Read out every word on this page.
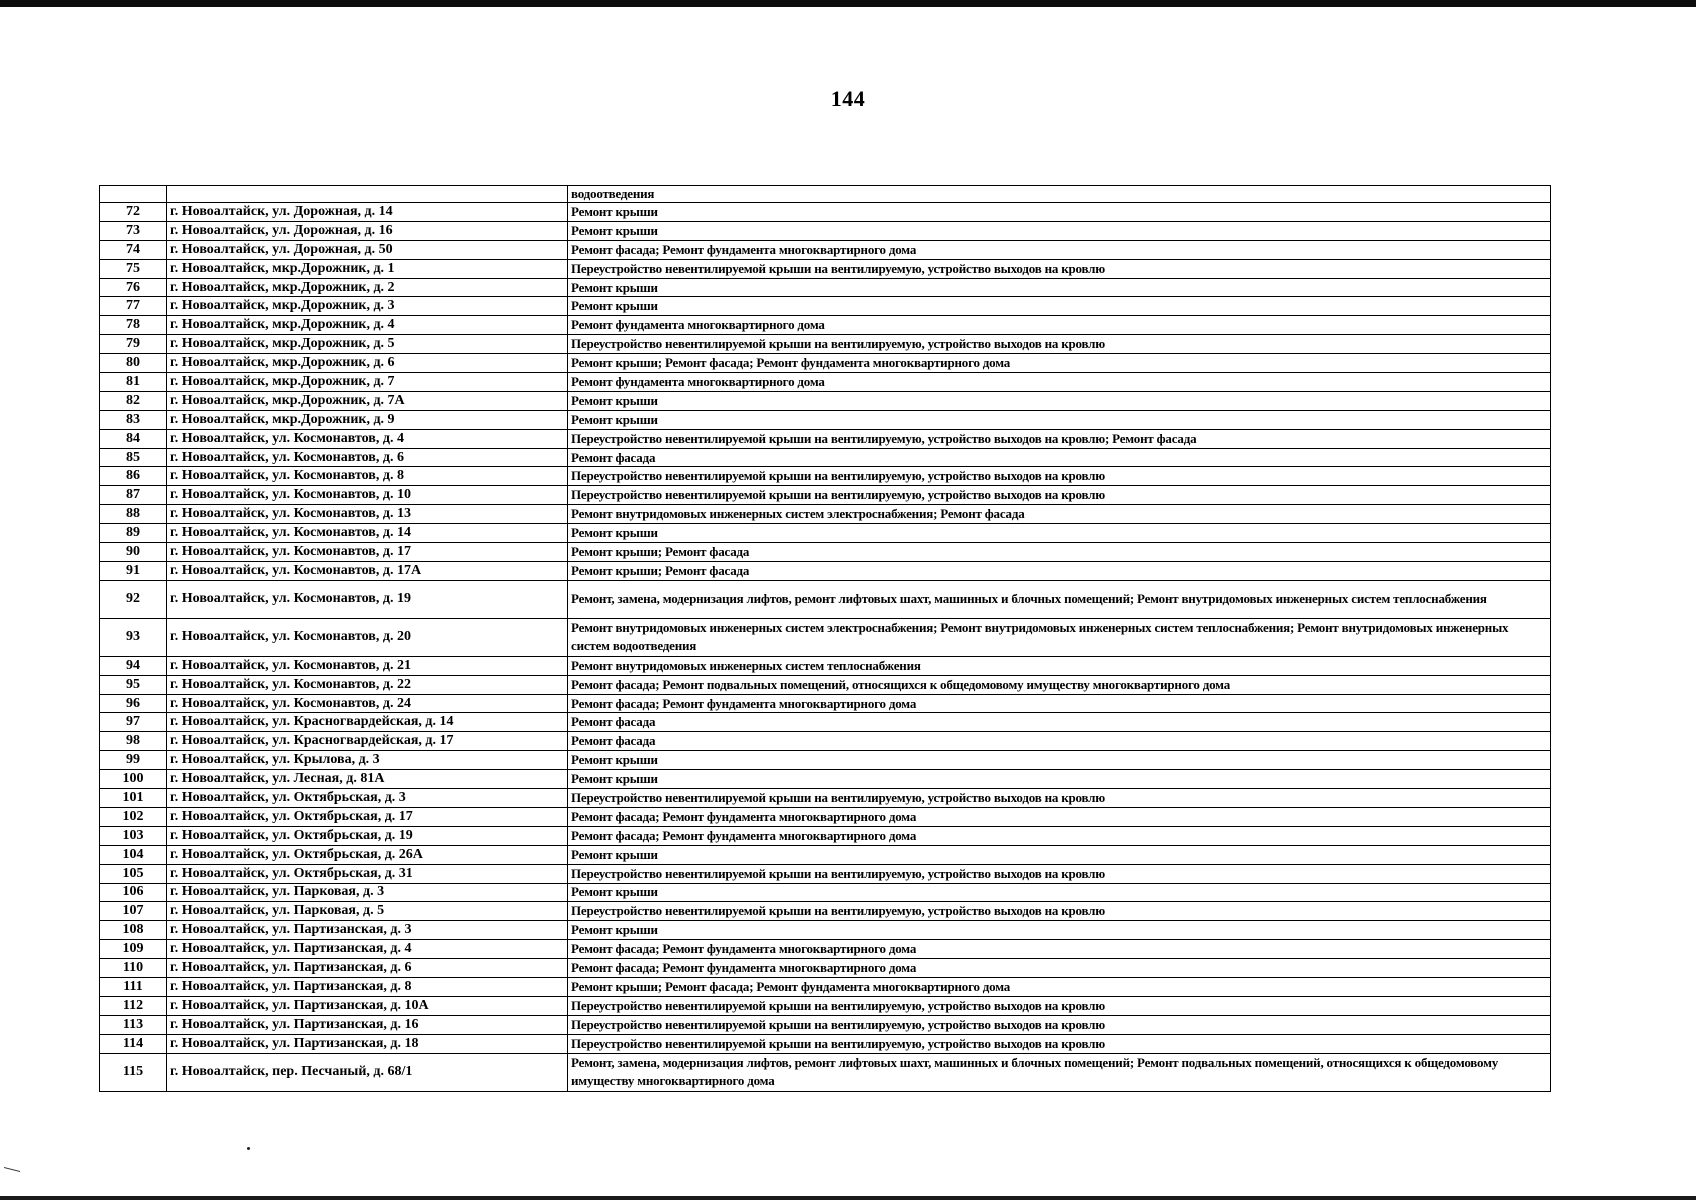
144
		водоотведения
72	г. Новоалтайск, ул. Дорожная, д. 14	Ремонт крыши
73	г. Новоалтайск, ул. Дорожная, д. 16	Ремонт крыши
74	г. Новоалтайск, ул. Дорожная, д. 50	Ремонт фасада; Ремонт фундамента многоквартирного дома
75	г. Новоалтайск, мкр.Дорожник, д. 1	Переустройство невентилируемой крыши на вентилируемую, устройство выходов на кровлю
76	г. Новоалтайск, мкр.Дорожник, д. 2	Ремонт крыши
77	г. Новоалтайск, мкр.Дорожник, д. 3	Ремонт крыши
78	г. Новоалтайск, мкр.Дорожник, д. 4	Ремонт фундамента многоквартирного дома
79	г. Новоалтайск, мкр.Дорожник, д. 5	Переустройство невентилируемой крыши на вентилируемую, устройство выходов на кровлю
80	г. Новоалтайск, мкр.Дорожник, д. 6	Ремонт крыши; Ремонт фасада; Ремонт фундамента многоквартирного дома
81	г. Новоалтайск, мкр.Дорожник, д. 7	Ремонт фундамента многоквартирного дома
82	г. Новоалтайск, мкр.Дорожник, д. 7А	Ремонт крыши
83	г. Новоалтайск, мкр.Дорожник, д. 9	Ремонт крыши
84	г. Новоалтайск, ул. Космонавтов, д. 4	Переустройство невентилируемой крыши на вентилируемую, устройство выходов на кровлю; Ремонт фасада
85	г. Новоалтайск, ул. Космонавтов, д. 6	Ремонт фасада
86	г. Новоалтайск, ул. Космонавтов, д. 8	Переустройство невентилируемой крыши на вентилируемую, устройство выходов на кровлю
87	г. Новоалтайск, ул. Космонавтов, д. 10	Переустройство невентилируемой крыши на вентилируемую, устройство выходов на кровлю
88	г. Новоалтайск, ул. Космонавтов, д. 13	Ремонт внутридомовых инженерных систем электроснабжения; Ремонт фасада
89	г. Новоалтайск, ул. Космонавтов, д. 14	Ремонт крыши
90	г. Новоалтайск, ул. Космонавтов, д. 17	Ремонт крыши; Ремонт фасада
91	г. Новоалтайск, ул. Космонавтов, д. 17А	Ремонт крыши; Ремонт фасада
92	г. Новоалтайск, ул. Космонавтов, д. 19	Ремонт, замена, модернизация лифтов, ремонт лифтовых шахт, машинных и блочных помещений; Ремонт внутридомовых инженерных систем теплоснабжения
93	г. Новоалтайск, ул. Космонавтов, д. 20	Ремонт внутридомовых инженерных систем электроснабжения; Ремонт внутридомовых инженерных систем теплоснабжения; Ремонт внутридомовых инженерных систем водоотведения
94	г. Новоалтайск, ул. Космонавтов, д. 21	Ремонт внутридомовых инженерных систем теплоснабжения
95	г. Новоалтайск, ул. Космонавтов, д. 22	Ремонт фасада; Ремонт подвальных помещений, относящихся к общедомовому имуществу многоквартирного дома
96	г. Новоалтайск, ул. Космонавтов, д. 24	Ремонт фасада; Ремонт фундамента многоквартирного дома
97	г. Новоалтайск, ул. Красногвардейская, д. 14	Ремонт фасада
98	г. Новоалтайск, ул. Красногвардейская, д. 17	Ремонт фасада
99	г. Новоалтайск, ул. Крылова, д. 3	Ремонт крыши
100	г. Новоалтайск, ул. Лесная, д. 81А	Ремонт крыши
101	г. Новоалтайск, ул. Октябрьская, д. 3	Переустройство невентилируемой крыши на вентилируемую, устройство выходов на кровлю
102	г. Новоалтайск, ул. Октябрьская, д. 17	Ремонт фасада; Ремонт фундамента многоквартирного дома
103	г. Новоалтайск, ул. Октябрьская, д. 19	Ремонт фасада; Ремонт фундамента многоквартирного дома
104	г. Новоалтайск, ул. Октябрьская, д. 26А	Ремонт крыши
105	г. Новоалтайск, ул. Октябрьская, д. 31	Переустройство невентилируемой крыши на вентилируемую, устройство выходов на кровлю
106	г. Новоалтайск, ул. Парковая, д. 3	Ремонт крыши
107	г. Новоалтайск, ул. Парковая, д. 5	Переустройство невентилируемой крыши на вентилируемую, устройство выходов на кровлю
108	г. Новоалтайск, ул. Партизанская, д. 3	Ремонт крыши
109	г. Новоалтайск, ул. Партизанская, д. 4	Ремонт фасада; Ремонт фундамента многоквартирного дома
110	г. Новоалтайск, ул. Партизанская, д. 6	Ремонт фасада; Ремонт фундамента многоквартирного дома
111	г. Новоалтайск, ул. Партизанская, д. 8	Ремонт крыши; Ремонт фасада; Ремонт фундамента многоквартирного дома
112	г. Новоалтайск, ул. Партизанская, д. 10А	Переустройство невентилируемой крыши на вентилируемую, устройство выходов на кровлю
113	г. Новоалтайск, ул. Партизанская, д. 16	Переустройство невентилируемой крыши на вентилируемую, устройство выходов на кровлю
114	г. Новоалтайск, ул. Партизанская, д. 18	Переустройство невентилируемой крыши на вентилируемую, устройство выходов на кровлю
115	г. Новоалтайск, пер. Песчаный, д. 68/1	Ремонт, замена, модернизация лифтов, ремонт лифтовых шахт, машинных и блочных помещений; Ремонт подвальных помещений, относящихся к общедомовому имуществу многоквартирного дома
